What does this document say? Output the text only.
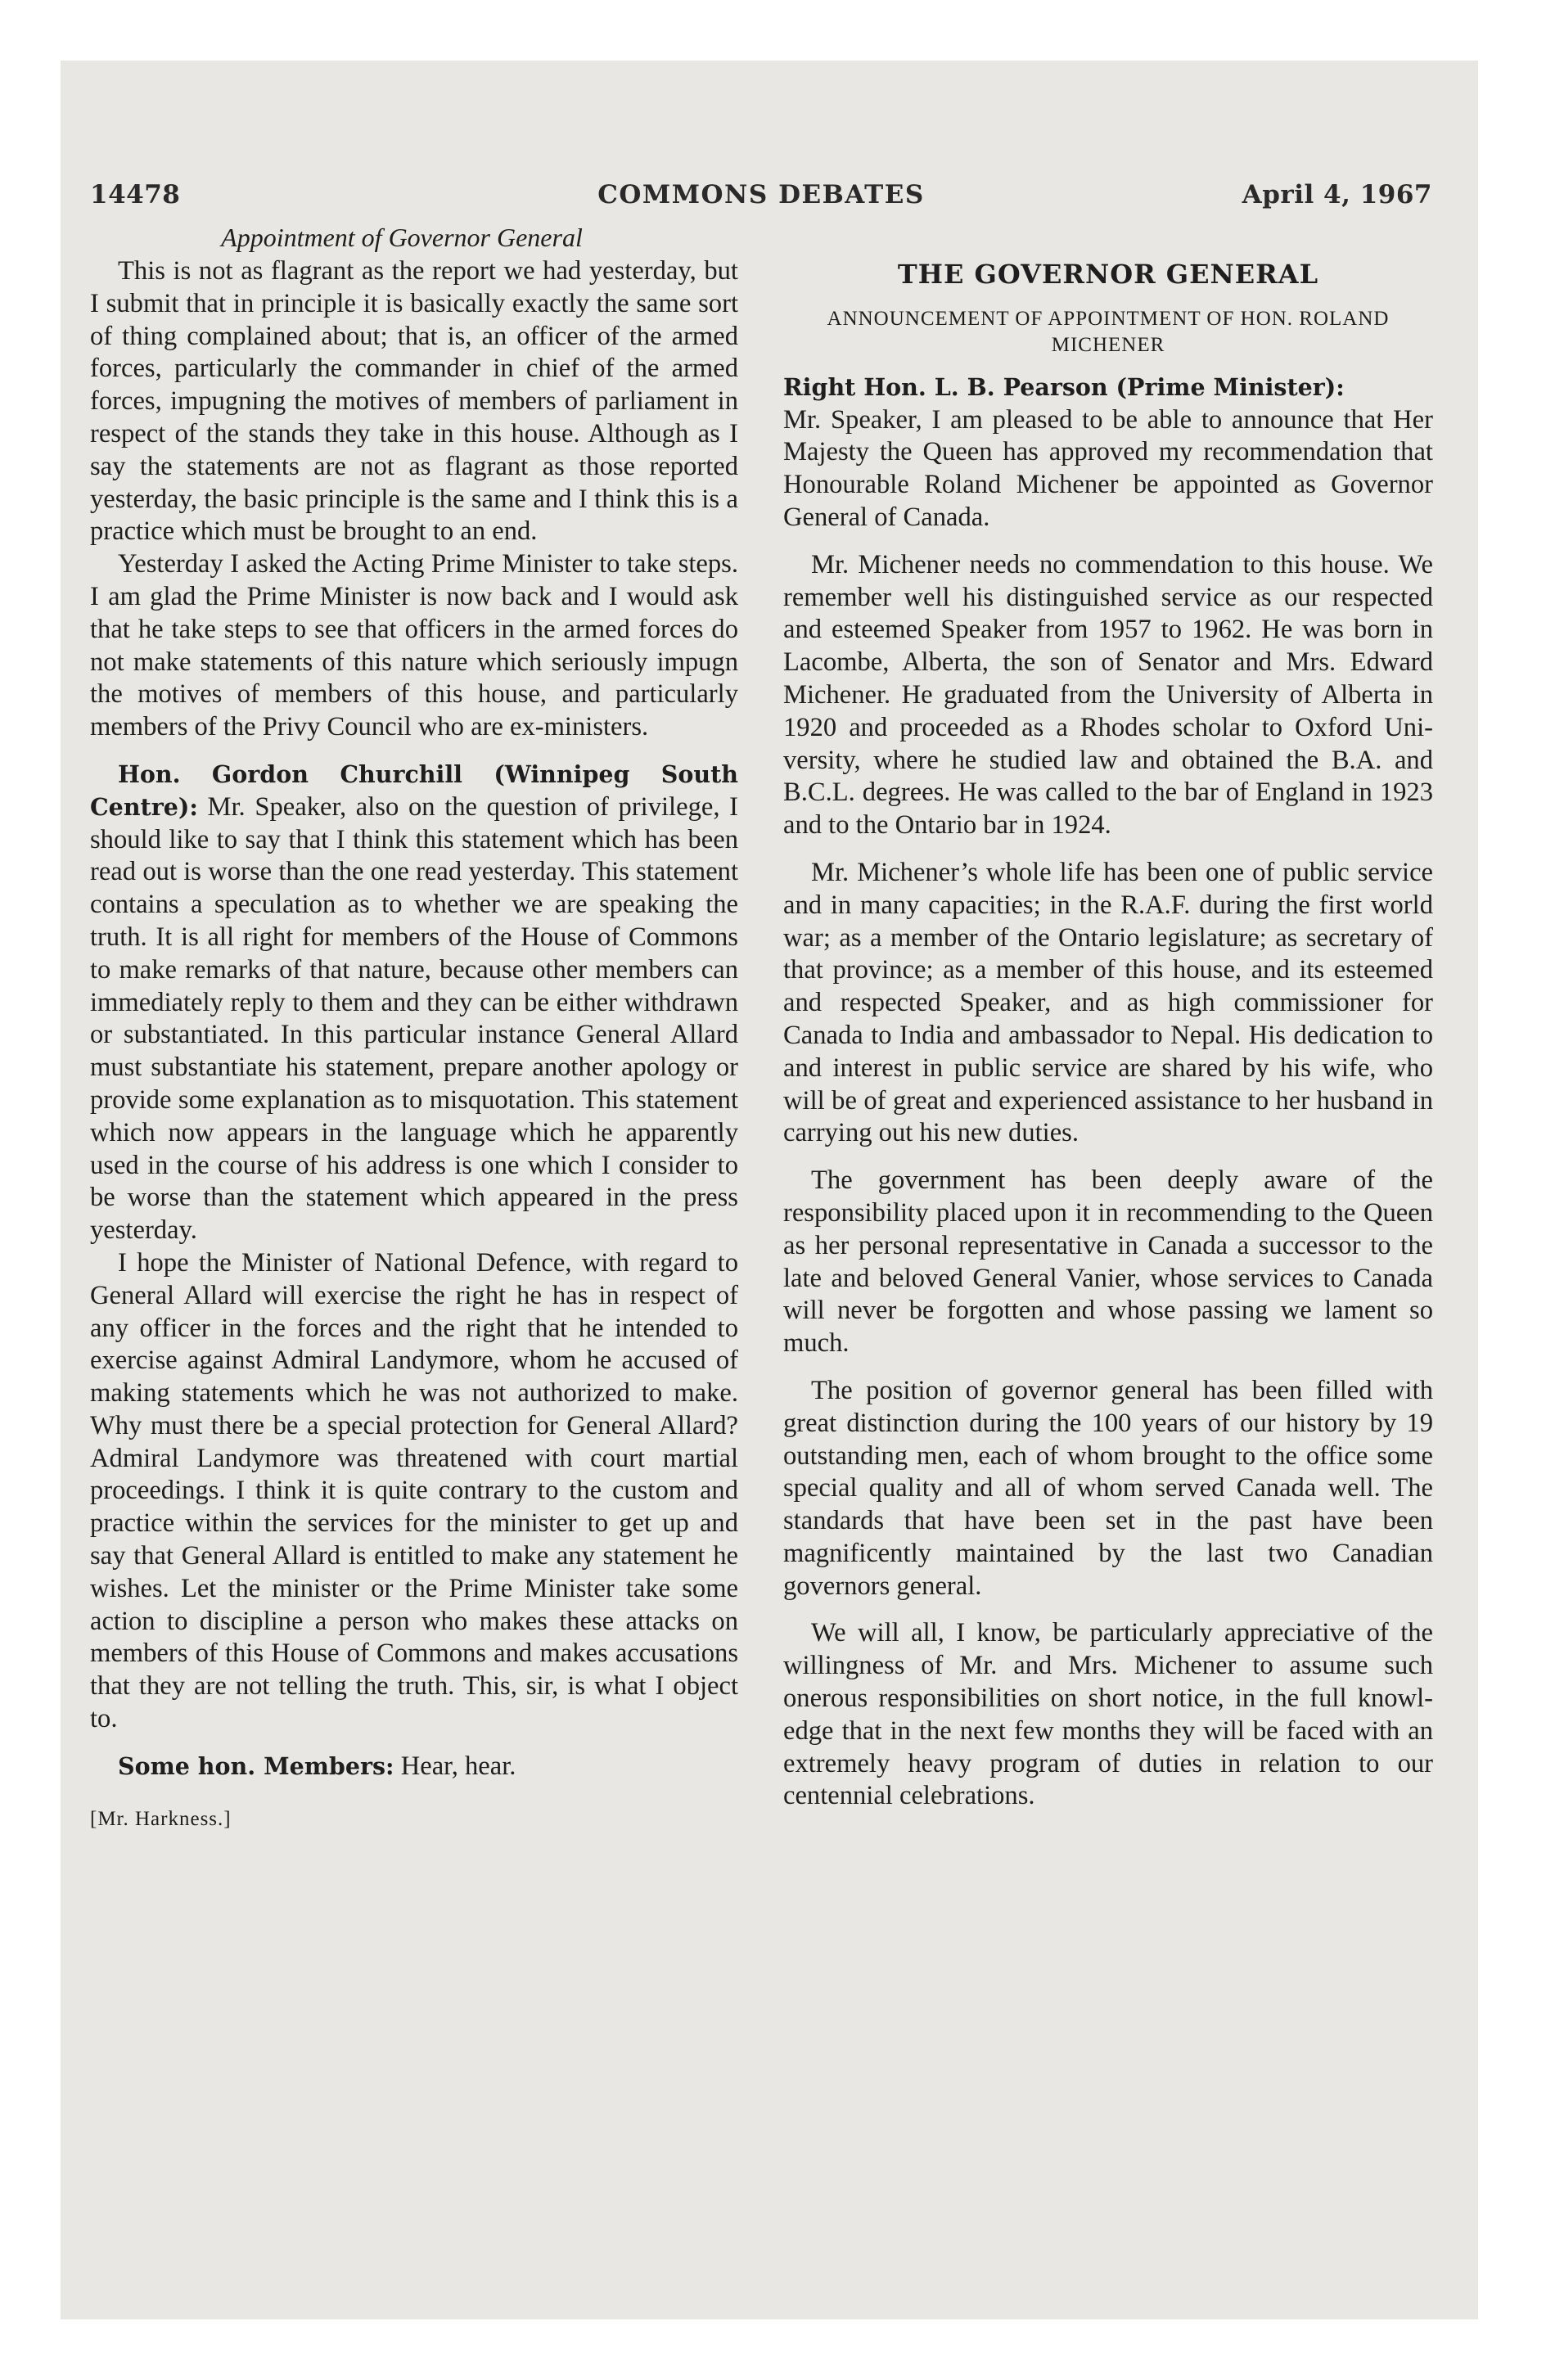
14478	COMMONS DEBATES	April 4, 1967
Appointment of Governor General

This is not as flagrant as the report we had yesterday, but I submit that in principle it is basically exactly the same sort of thing complained about; that is, an officer of the armed forces, particularly the commander in chief of the armed forces, impugning the motives of members of parliament in respect of the stands they take in this house. Although as I say the statements are not as flagrant as those reported yesterday, the basic principle is the same and I think this is a practice which must be brought to an end.

Yesterday I asked the Acting Prime Minister to take steps. I am glad the Prime Minister is now back and I would ask that he take steps to see that officers in the armed forces do not make statements of this nature which seriously impugn the motives of members of this house, and particularly members of the Privy Council who are ex-ministers.

Hon. Gordon Churchill (Winnipeg South Centre): Mr. Speaker, also on the question of privilege, I should like to say that I think this statement which has been read out is worse than the one read yesterday. This statement contains a speculation as to whether we are speaking the truth. It is all right for members of the House of Commons to make remarks of that nature, because other members can immediately reply to them and they can be either withdrawn or substantiated. In this particular instance General Allard must substantiate his statement, prepare another apology or provide some explanation as to misquotation. This statement which now appears in the language which he apparently used in the course of his address is one which I consider to be worse than the statement which appeared in the press yesterday.

I hope the Minister of National Defence, with regard to General Allard will exercise the right he has in respect of any officer in the forces and the right that he intended to exercise against Admiral Landymore, whom he accused of making statements which he was not authorized to make. Why must there be a special protection for General Allard? Admiral Landymore was threatened with court martial proceedings. I think it is quite contrary to the custom and practice within the services for the minister to get up and say that General Allard is entitled to make any statement he wishes. Let the minister or the Prime Minister take some action to discipline a person who makes these attacks on members of this House of Commons and makes accusations that they are not telling the truth. This, sir, is what I object to.

Some hon. Members: Hear, hear.

[Mr. Harkness.]
THE GOVERNOR GENERAL
ANNOUNCEMENT OF APPOINTMENT OF HON. ROLAND MICHENER

Right Hon. L. B. Pearson (Prime Minister):

Mr. Speaker, I am pleased to be able to announce that Her Majesty the Queen has approved my recommendation that Honourable Roland Michener be appointed as Governor General of Canada.

Mr. Michener needs no commendation to this house. We remember well his distinguished service as our respected and esteemed Speaker from 1957 to 1962. He was born in Lacombe, Alberta, the son of Senator and Mrs. Edward Michener. He graduated from the University of Alberta in 1920 and proceeded as a Rhodes scholar to Oxford University, where he studied law and obtained the B.A. and B.C.L. degrees. He was called to the bar of England in 1923 and to the Ontario bar in 1924.

Mr. Michener’s whole life has been one of public service and in many capacities; in the R.A.F. during the first world war; as a member of the Ontario legislature; as secretary of that province; as a member of this house, and its esteemed and respected Speaker, and as high commissioner for Canada to India and ambassador to Nepal. His dedication to and interest in public service are shared by his wife, who will be of great and experienced assistance to her husband in carrying out his new duties.

The government has been deeply aware of the responsibility placed upon it in recommending to the Queen as her personal representative in Canada a successor to the late and beloved General Vanier, whose services to Canada will never be forgotten and whose passing we lament so much.

The position of governor general has been filled with great distinction during the 100 years of our history by 19 outstanding men, each of whom brought to the office some special quality and all of whom served Canada well. The standards that have been set in the past have been magnificently maintained by the last two Canadian governors general.

We will all, I know, be particularly appreciative of the willingness of Mr. and Mrs. Michener to assume such onerous responsibilities on short notice, in the full knowledge that in the next few months they will be faced with an extremely heavy program of duties in relation to our centennial celebrations.
